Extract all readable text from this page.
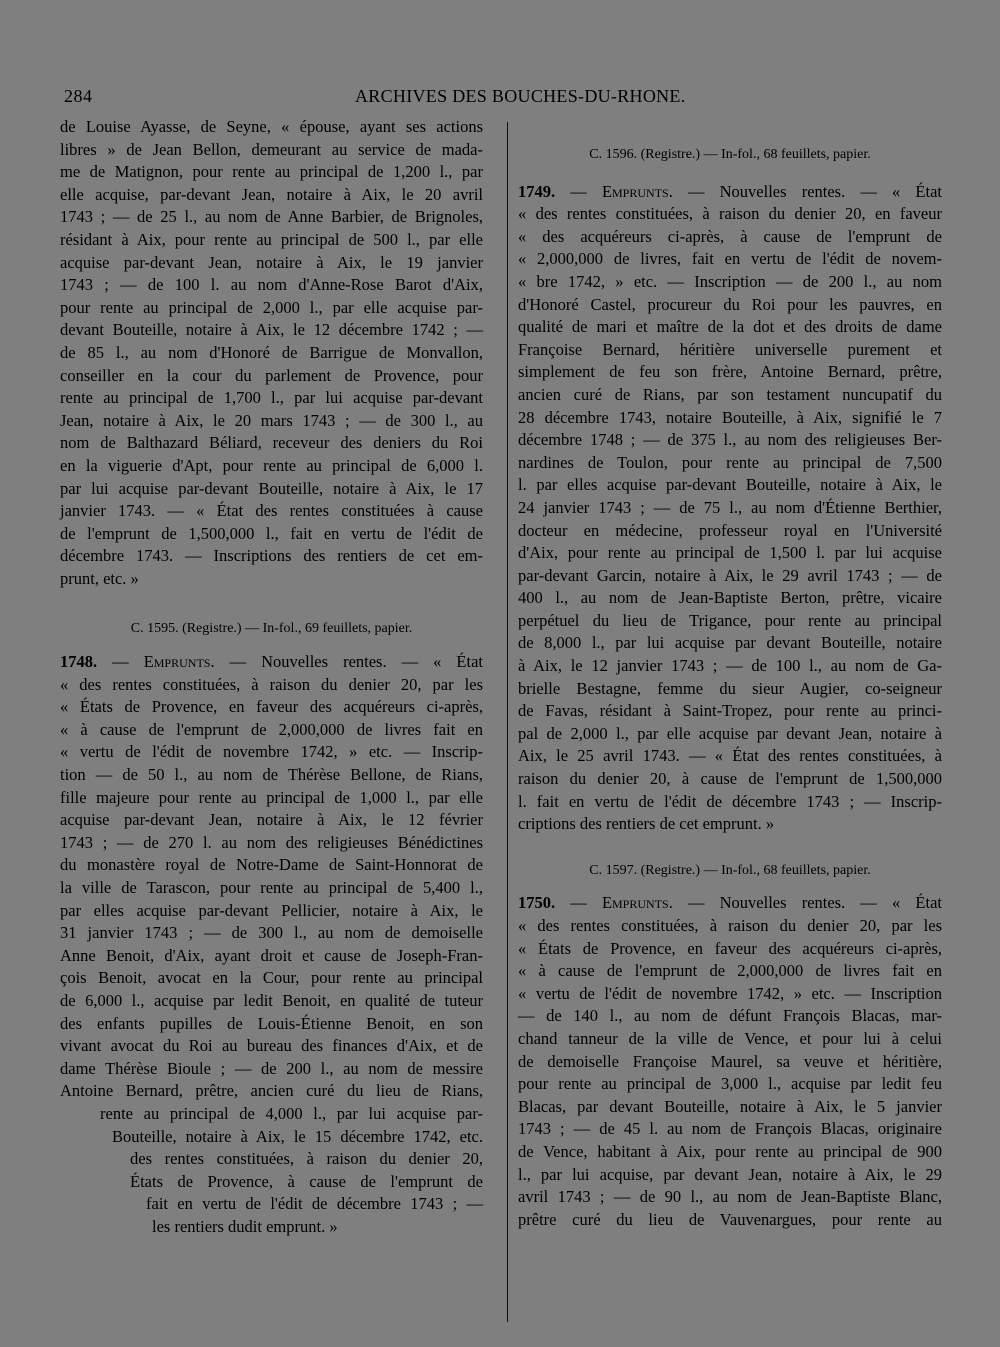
284	ARCHIVES DES BOUCHES-DU-RHONE.
de Louise Ayasse, de Seyne, « épouse, ayant ses actions
libres » de Jean Bellon, demeurant au service de mada-
me de Matignon, pour rente au principal de 1,200 l., par
elle acquise, par-devant Jean, notaire à Aix, le 20 avril
1743 ; — de 25 l., au nom de Anne Barbier, de Brignoles,
résidant à Aix, pour rente au principal de 500 l., par elle
acquise par-devant Jean, notaire à Aix, le 19 janvier
1743 ; — de 100 l. au nom d'Anne-Rose Barot d'Aix,
pour rente au principal de 2,000 l., par elle acquise par-
devant Bouteille, notaire à Aix, le 12 décembre 1742 ; —
de 85 l., au nom d'Honoré de Barrigue de Monvallon,
conseiller en la cour du parlement de Provence, pour
rente au principal de 1,700 l., par lui acquise par-devant
Jean, notaire à Aix, le 20 mars 1743 ; — de 300 l., au
nom de Balthazard Béliard, receveur des deniers du Roi
en la viguerie d'Apt, pour rente au principal de 6,000 l.
par lui acquise par-devant Bouteille, notaire à Aix, le 17
janvier 1743. — « État des rentes constituées à cause
de l'emprunt de 1,500,000 l., fait en vertu de l'édit de
décembre 1743. — Inscriptions des rentiers de cet em-
prunt, etc. »
C. 1595. (Registre.) — In-fol., 69 feuillets, papier.
1748. — Emprunts. — Nouvelles rentes. — « État
« des rentes constituées, à raison du denier 20, par les
« États de Provence, en faveur des acquéreurs ci-après,
« à cause de l'emprunt de 2,000,000 de livres fait en
« vertu de l'édit de novembre 1742, » etc. — Inscrip-
tion — de 50 l., au nom de Thérèse Bellone, de Rians,
fille majeure pour rente au principal de 1,000 l., par elle
acquise par-devant Jean, notaire à Aix, le 12 février
1743 ; — de 270 l. au nom des religieuses Bénédictines
du monastère royal de Notre-Dame de Saint-Honnorat de
la ville de Tarascon, pour rente au principal de 5,400 l.,
par elles acquise par-devant Pellicier, notaire à Aix, le
31 janvier 1743 ; — de 300 l., au nom de demoiselle
Anne Benoit, d'Aix, ayant droit et cause de Joseph-Fran-
çois Benoit, avocat en la Cour, pour rente au principal
de 6,000 l., acquise par ledit Benoit, en qualité de tuteur
des enfants pupilles de Louis-Étienne Benoit, en son
vivant avocat du Roi au bureau des finances d'Aix, et de
dame Thérèse Bioule ; — de 200 l., au nom de messire
Antoine Bernard, prêtre, ancien curé du lieu de Rians,
rente au principal de 4,000 l., par lui acquise par-
Bouteille, notaire à Aix, le 15 décembre 1742, etc.
des rentes constituées, à raison du denier 20,
États de Provence, à cause de l'emprunt de
fait en vertu de l'édit de décembre 1743 ; —
les rentiers dudit emprunt. »
C. 1596. (Registre.) — In-fol., 68 feuillets, papier.
1749. — Emprunts. — Nouvelles rentes. — « État
« des rentes constituées, à raison du denier 20, en faveur
« des acquéreurs ci-après, à cause de l'emprunt de
« 2,000,000 de livres, fait en vertu de l'édit de novem-
« bre 1742, » etc. — Inscription — de 200 l., au nom
d'Honoré Castel, procureur du Roi pour les pauvres, en
qualité de mari et maître de la dot et des droits de dame
Françoise Bernard, héritière universelle purement et
simplement de feu son frère, Antoine Bernard, prêtre,
ancien curé de Rians, par son testament nuncupatif du
28 décembre 1743, notaire Bouteille, à Aix, signifié le 7
décembre 1748 ; — de 375 l., au nom des religieuses Ber-
nardines de Toulon, pour rente au principal de 7,500
l. par elles acquise par-devant Bouteille, notaire à Aix, le
24 janvier 1743 ; — de 75 l., au nom d'Étienne Berthier,
docteur en médecine, professeur royal en l'Université
d'Aix, pour rente au principal de 1,500 l. par lui acquise
par-devant Garcin, notaire à Aix, le 29 avril 1743 ; — de
400 l., au nom de Jean-Baptiste Berton, prêtre, vicaire
perpétuel du lieu de Trigance, pour rente au principal
de 8,000 l., par lui acquise par devant Bouteille, notaire
à Aix, le 12 janvier 1743 ; — de 100 l., au nom de Ga-
brielle Bestagne, femme du sieur Augier, co-seigneur
de Favas, résidant à Saint-Tropez, pour rente au princi-
pal de 2,000 l., par elle acquise par devant Jean, notaire à
Aix, le 25 avril 1743. — « État des rentes constituées, à
raison du denier 20, à cause de l'emprunt de 1,500,000
l. fait en vertu de l'édit de décembre 1743 ; — Inscrip-
criptions des rentiers de cet emprunt. »
C. 1597. (Registre.) — In-fol., 68 feuillets, papier.
1750. — Emprunts. — Nouvelles rentes. — « État
« des rentes constituées, à raison du denier 20, par les
« États de Provence, en faveur des acquéreurs ci-après,
« à cause de l'emprunt de 2,000,000 de livres fait en
« vertu de l'édit de novembre 1742, » etc. — Inscription
— de 140 l., au nom de défunt François Blacas, mar-
chand tanneur de la ville de Vence, et pour lui à celui
de demoiselle Françoise Maurel, sa veuve et héritière,
pour rente au principal de 3,000 l., acquise par ledit feu
Blacas, par devant Bouteille, notaire à Aix, le 5 janvier
1743 ; — de 45 l. au nom de François Blacas, originaire
de Vence, habitant à Aix, pour rente au principal de 900
l., par lui acquise, par devant Jean, notaire à Aix, le 29
avril 1743 ; — de 90 l., au nom de Jean-Baptiste Blanc,
prêtre curé du lieu de Vauvenargues, pour rente au
